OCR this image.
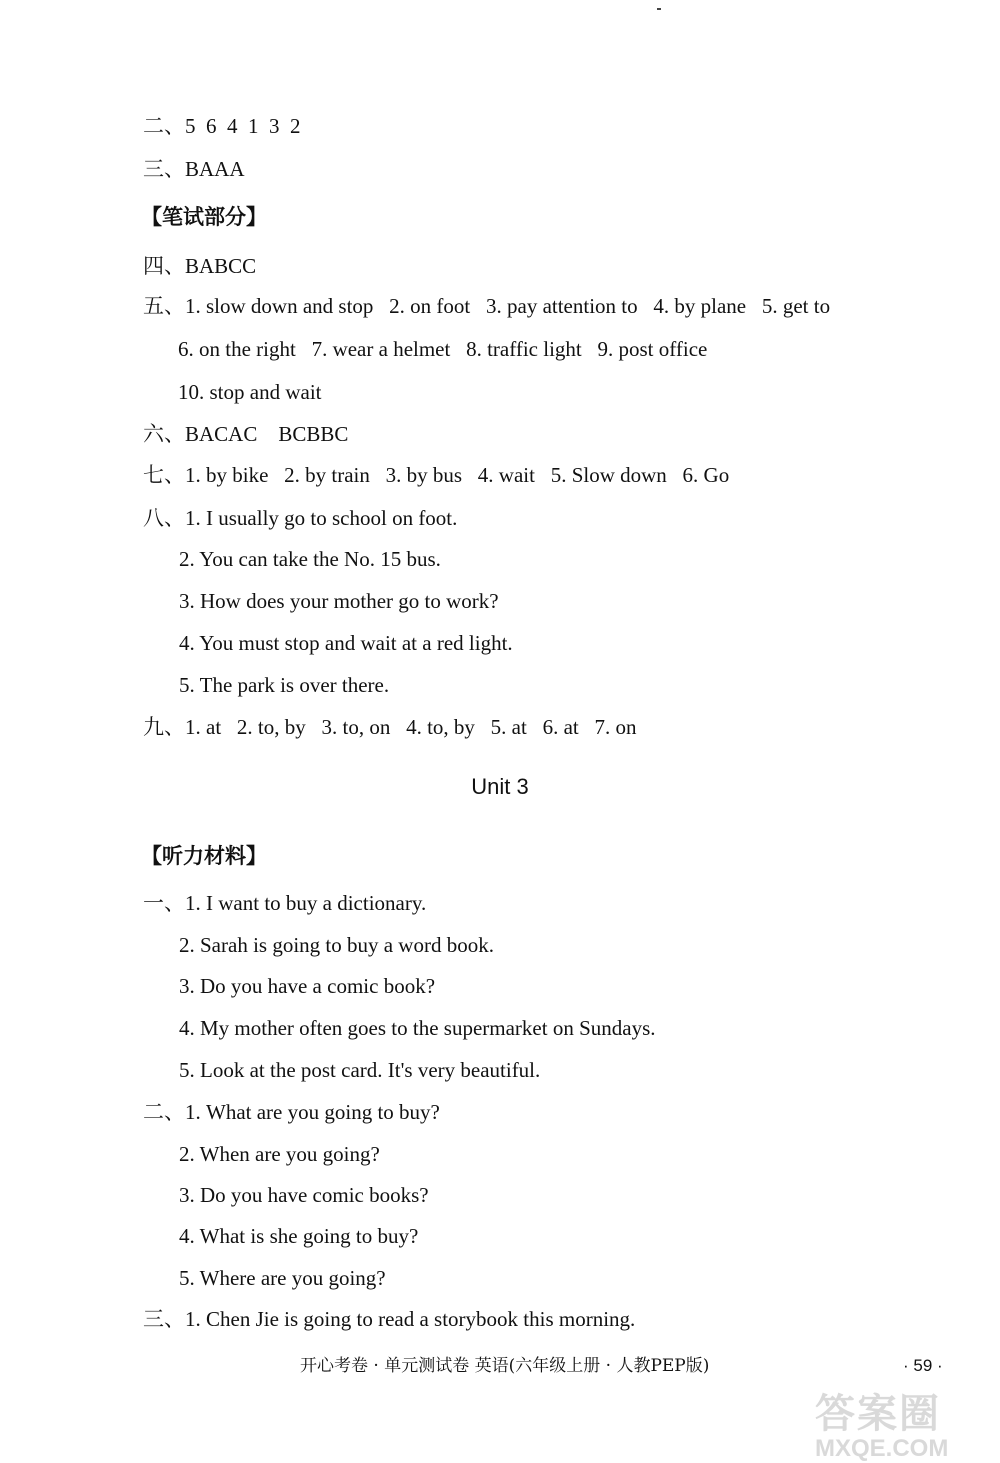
二、5  6  4  1  3  2
三、BAAA
【笔试部分】
四、BABCC
五、1. slow down and stop   2. on foot   3. pay attention to   4. by plane   5. get to
6. on the right   7. wear a helmet   8. traffic light   9. post office
10. stop and wait
六、BACAC    BCBBC
七、1. by bike   2. by train   3. by bus   4. wait   5. Slow down   6. Go
八、1. I usually go to school on foot.
2. You can take the No. 15 bus.
3. How does your mother go to work?
4. You must stop and wait at a red light.
5. The park is over there.
九、1. at   2. to, by   3. to, on   4. to, by   5. at   6. at   7. on
Unit 3
【听力材料】
一、1. I want to buy a dictionary.
2. Sarah is going to buy a word book.
3. Do you have a comic book?
4. My mother often goes to the supermarket on Sundays.
5. Look at the post card. It's very beautiful.
二、1. What are you going to buy?
2. When are you going?
3. Do you have comic books?
4. What is she going to buy?
5. Where are you going?
三、1. Chen Jie is going to read a storybook this morning.
开心考卷 · 单元测试卷 英语(六年级上册 · 人教PEP版)	· 59 ·
答案圈
MXQE.COM
